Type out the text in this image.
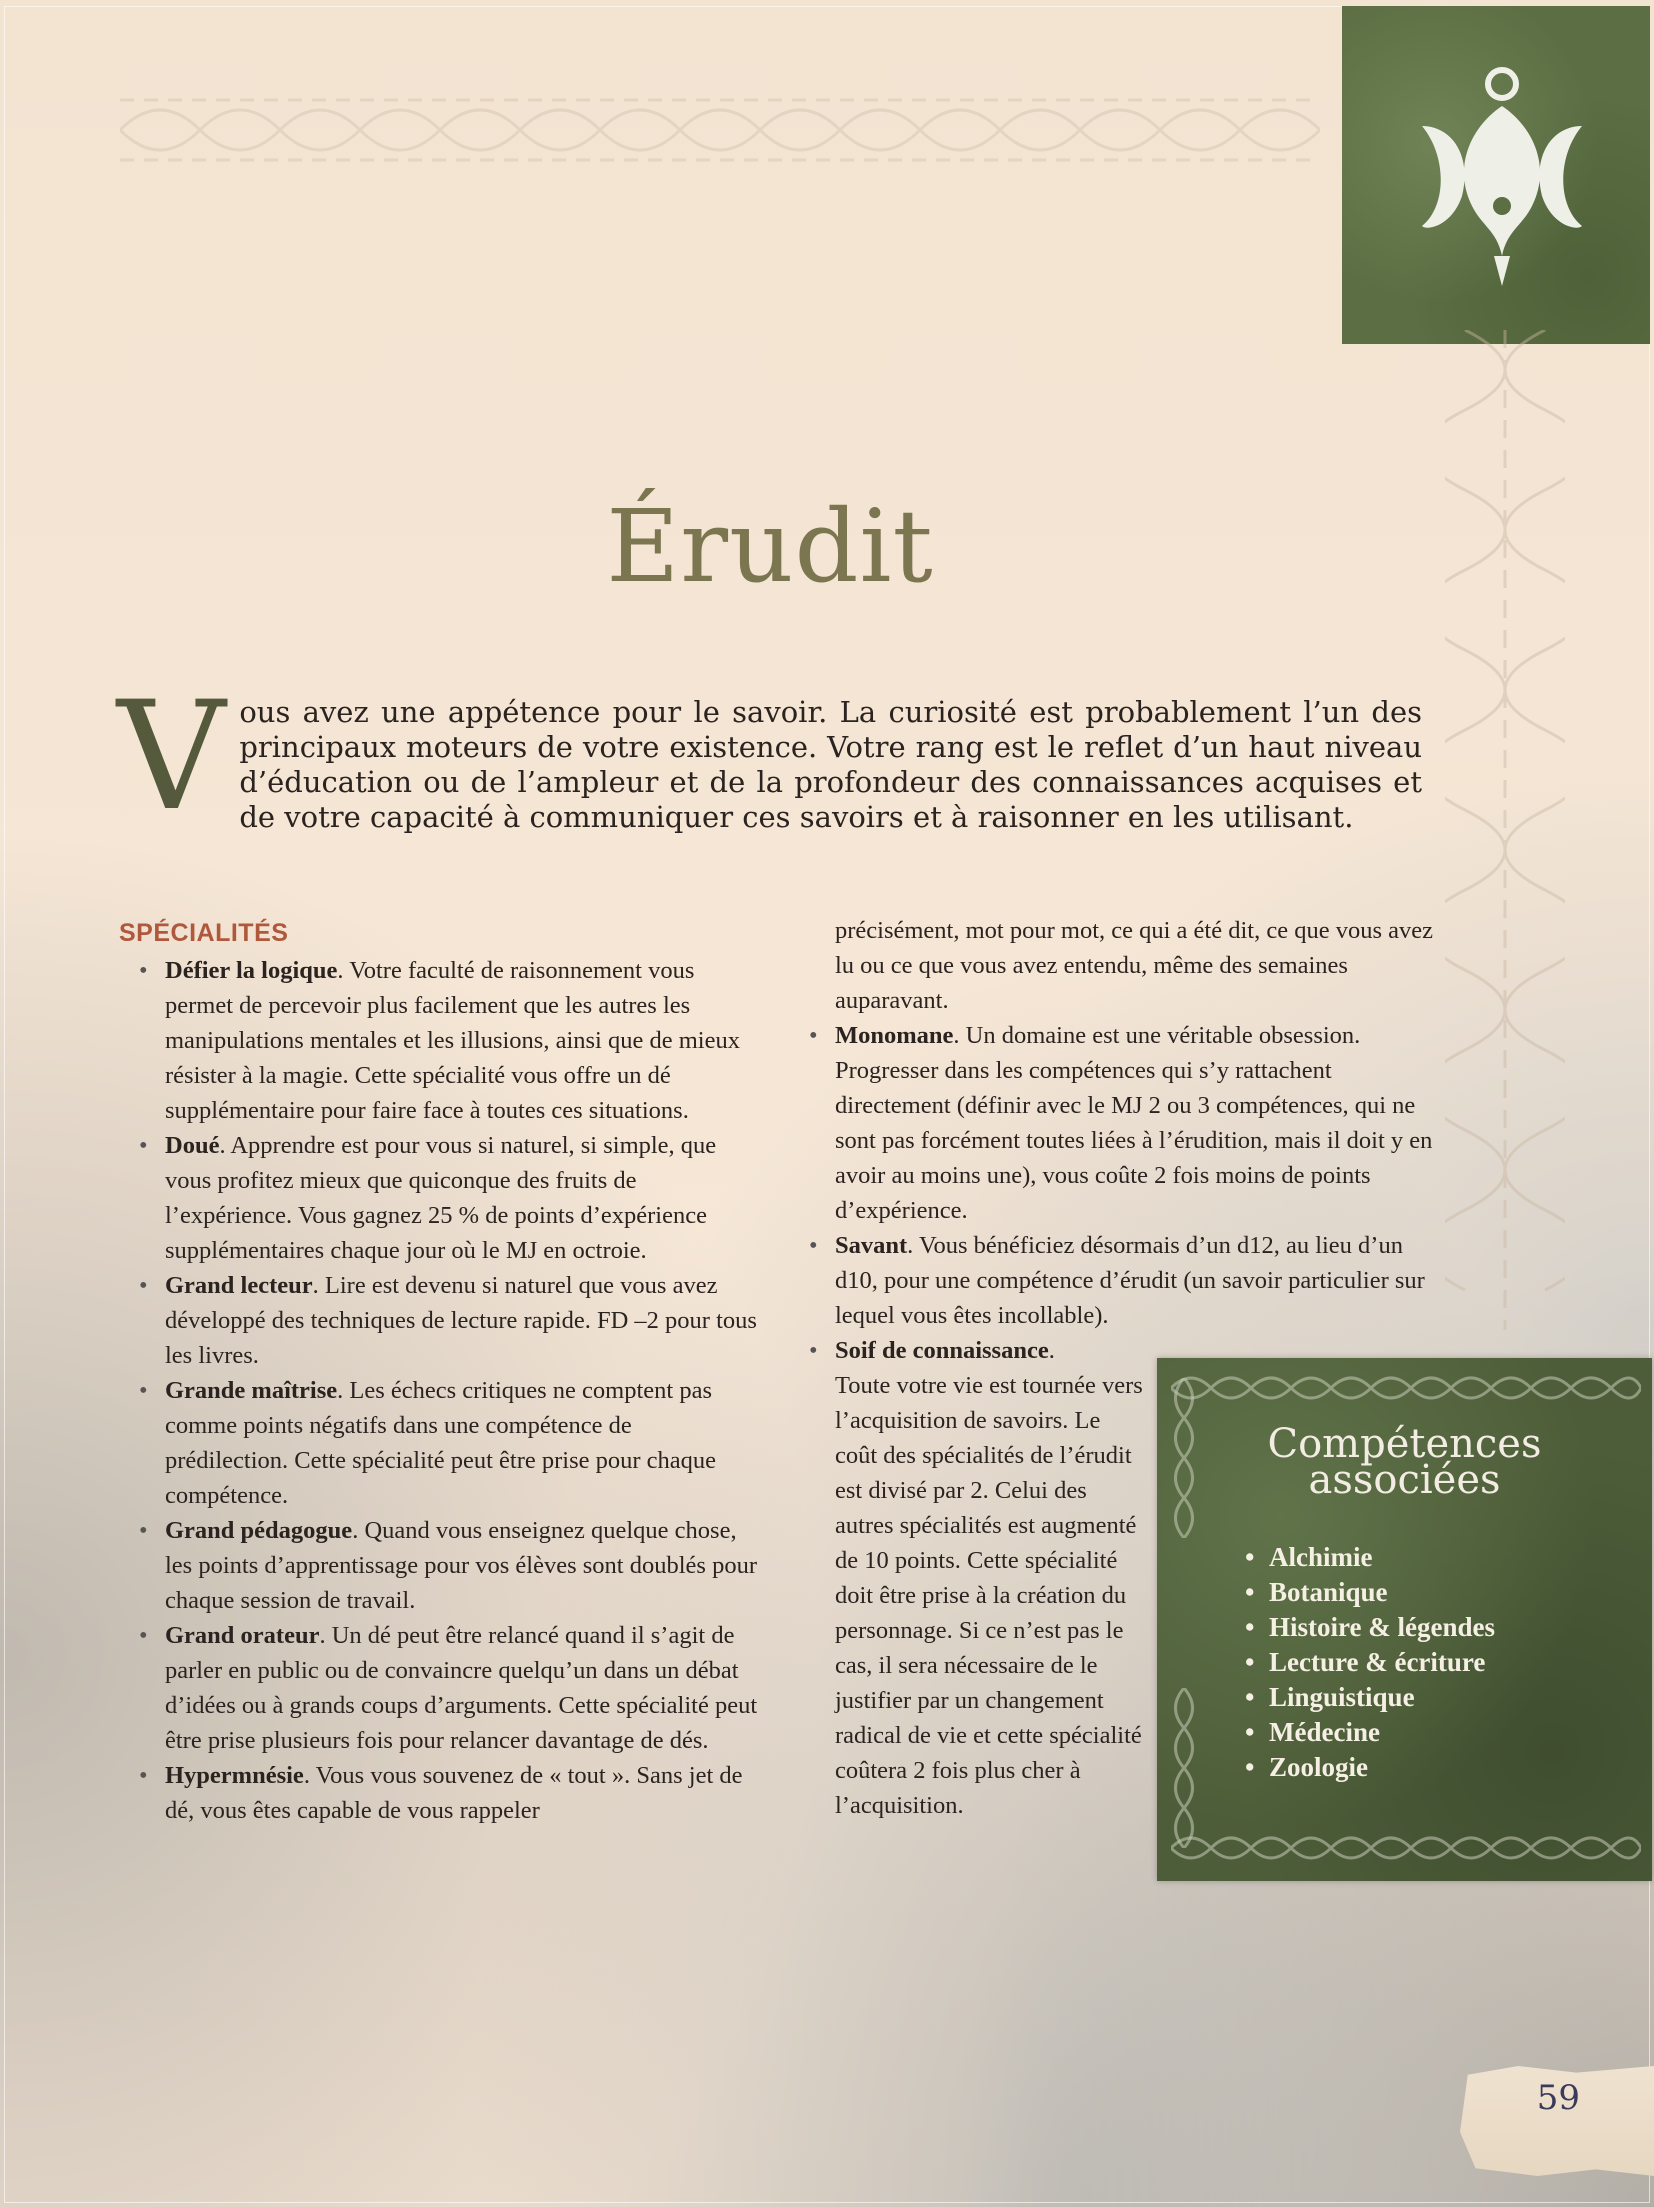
Érudit

Vous avez une appétence pour le savoir. La curiosité est probablement l’un des principaux moteurs de votre existence. Votre rang est le reflet d’un haut niveau d’éducation ou de l’ampleur et de la profondeur des connaissances acquises et de votre capacité à communiquer ces savoirs et à raisonner en les utilisant.

SPÉCIALITÉS
• Défier la logique. Votre faculté de raisonnement vous permet de percevoir plus facilement que les autres les manipulations mentales et les illusions, ainsi que de mieux résister à la magie. Cette spécialité vous offre un dé supplémentaire pour faire face à toutes ces situations.
• Doué. Apprendre est pour vous si naturel, si simple, que vous profitez mieux que quiconque des fruits de l’expérience. Vous gagnez 25 % de points d’expérience supplémentaires chaque jour où le MJ en octroie.
• Grand lecteur. Lire est devenu si naturel que vous avez développé des techniques de lecture rapide. FD –2 pour tous les livres.
• Grande maîtrise. Les échecs critiques ne comptent pas comme points négatifs dans une compétence de prédilection. Cette spécialité peut être prise pour chaque compétence.
• Grand pédagogue. Quand vous enseignez quelque chose, les points d’apprentissage pour vos élèves sont doublés pour chaque session de travail.
• Grand orateur. Un dé peut être relancé quand il s’agit de parler en public ou de convaincre quelqu’un dans un débat d’idées ou à grands coups d’arguments. Cette spécialité peut être prise plusieurs fois pour relancer davantage de dés.
• Hypermnésie. Vous vous souvenez de « tout ». Sans jet de dé, vous êtes capable de vous rappeler

précisément, mot pour mot, ce qui a été dit, ce que vous avez lu ou ce que vous avez entendu, même des semaines auparavant.

• Monomane. Un domaine est une véritable obsession. Progresser dans les compétences qui s’y rattachent directement (définir avec le MJ 2 ou 3 compétences, qui ne sont pas forcément toutes liées à l’érudition, mais il doit y en avoir au moins une), vous coûte 2 fois moins de points d’expérience.
• Savant. Vous bénéficiez désormais d’un d12, au lieu d’un d10, pour une compétence d’érudit (un savoir particulier sur lequel vous êtes incollable).
• Soif de connaissance.

Toute votre vie est tournée vers l’acquisition de savoirs. Le coût des spécialités de l’érudit est divisé par 2. Celui des autres spécialités est augmenté de 10 points. Cette spécialité doit être prise à la création du personnage. Si ce n’est pas le cas, il sera nécessaire de le justifier par un changement radical de vie et cette spécialité coûtera 2 fois plus cher à l’acquisition.

Compétences
associées
• Alchimie
• Botanique
• Histoire & légendes
• Lecture & écriture
• Linguistique
• Médecine
• Zoologie

59
